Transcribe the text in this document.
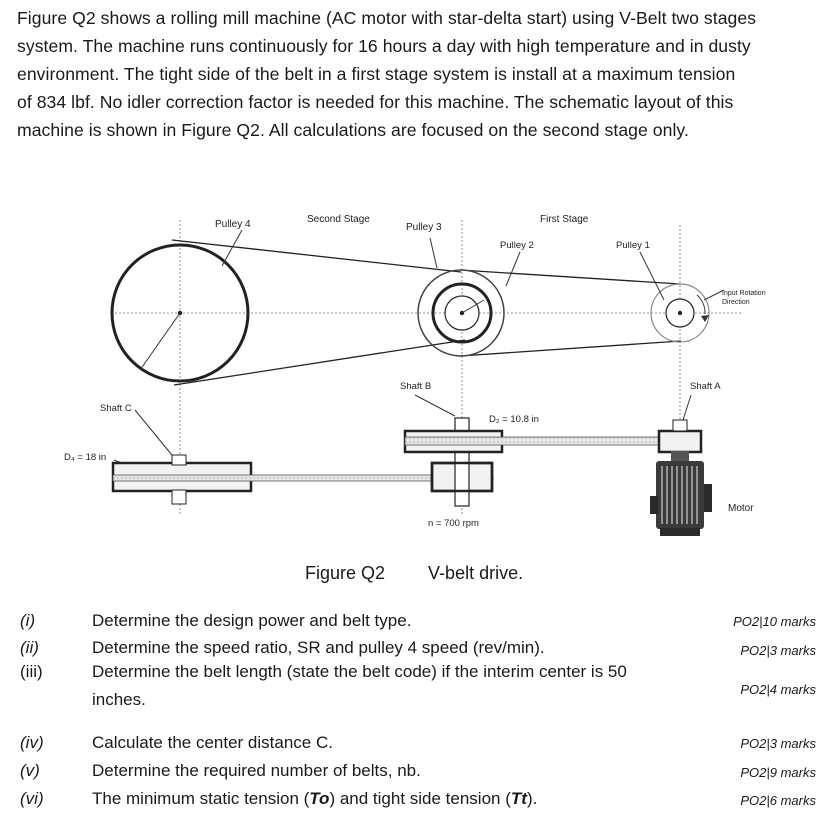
Figure Q2 shows a rolling mill machine (AC motor with star-delta start) using V-Belt two stages
system. The machine runs continuously for 16 hours a day with high temperature and in dusty
environment. The tight side of the belt in a first stage system is install at a maximum tension
of 834 lbf. No idler correction factor is needed for this machine. The schematic layout of this
machine is shown in Figure Q2. All calculations are focused on the second stage only.
Pulley 4	Second Stage
Pulley 3
First Stage
Pulley 2	Pulley 1
Input Rotation
Direction
Shaft B	Shaft A
Shaft C
D₂ = 10.8 in
D₄ = 18 in
n = 700 rpm
Motor
Figure Q2 V-belt drive.
(i)	Determine the design power and belt type.	PO2|10 marks
(ii)	Determine the speed ratio, SR and pulley 4 speed (rev/min).	PO2|3 marks
(iii)	Determine the belt length (state the belt code) if the interim center is 50
inches.
PO2|4 marks
(iv)	Calculate the center distance C.	PO2|3 marks
(v)	Determine the required number of belts, nb.	PO2|9 marks
(vi)	The minimum static tension (To) and tight side tension (Tt).	PO2|6 marks
